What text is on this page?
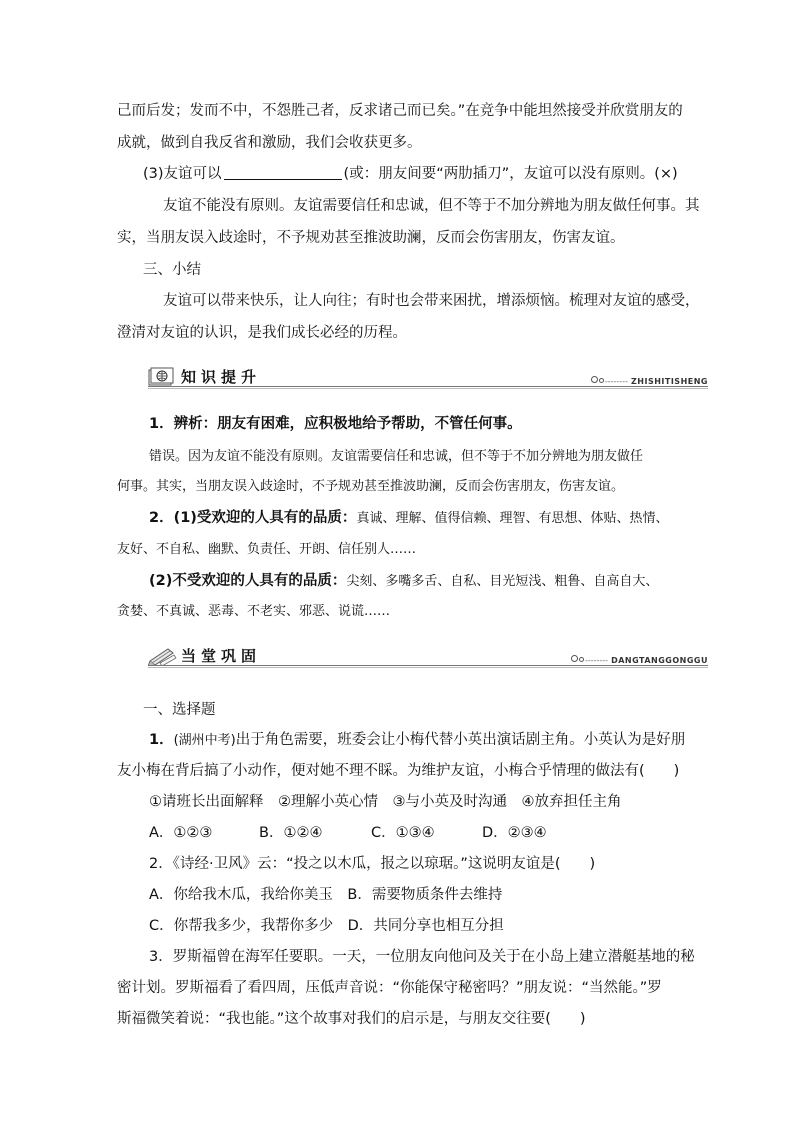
己而后发；发而不中，不怨胜己者，反求诸己而已矣。”在竞争中能坦然接受并欣赏朋友的
成就，做到自我反省和激励，我们会收获更多。
(3)友谊可以	(或：朋友间要“两肋插刀”，友谊可以没有原则。(×)
友谊不能没有原则。友谊需要信任和忠诚，但不等于不加分辨地为朋友做任何事。其
实，当朋友误入歧途时，不予规劝甚至推波助澜，反而会伤害朋友，伤害友谊。
三、小结
友谊可以带来快乐，让人向往；有时也会带来困扰，增添烦恼。梳理对友谊的感受，
澄清对友谊的认识，是我们成长必经的历程。
知识提升	-------- ZHISHITISHENG
1．辨析：朋友有困难，应积极地给予帮助，不管任何事。
错误。因为友谊不能没有原则。友谊需要信任和忠诚，但不等于不加分辨地为朋友做任
何事。其实，当朋友误入歧途时，不予规劝甚至推波助澜，反而会伤害朋友，伤害友谊。
2．(1)受欢迎的人具有的品质：真诚、理解、值得信赖、理智、有思想、体贴、热情、
友好、不自私、幽默、负责任、开朗、信任别人……
(2)不受欢迎的人具有的品质：尖刻、多嘴多舌、自私、目光短浅、粗鲁、自高自大、
贪婪、不真诚、恶毒、不老实、邪恶、说谎……
当堂巩固	-------- DANGTANGGONGGU
一、选择题
1．(湖州中考)出于角色需要，班委会让小梅代替小英出演话剧主角。小英认为是好朋
友小梅在背后搞了小动作，便对她不理不睬。为维护友谊，小梅合乎情理的做法有(　　)
①请班长出面解释　②理解小英心情　③与小英及时沟通　④放弃担任主角
A．①②③	B．①②④	C．①③④	D．②③④
2．《诗经·卫风》云：“投之以木瓜，报之以琼琚。”这说明友谊是(　　)
A．你给我木瓜，我给你美玉　B．需要物质条件去维持
C．你帮我多少，我帮你多少　D．共同分享也相互分担
3．罗斯福曾在海军任要职。一天，一位朋友向他问及关于在小岛上建立潜艇基地的秘
密计划。罗斯福看了看四周，压低声音说：“你能保守秘密吗？”朋友说：“当然能。”罗
斯福微笑着说：“我也能。”这个故事对我们的启示是，与朋友交往要(　　)
